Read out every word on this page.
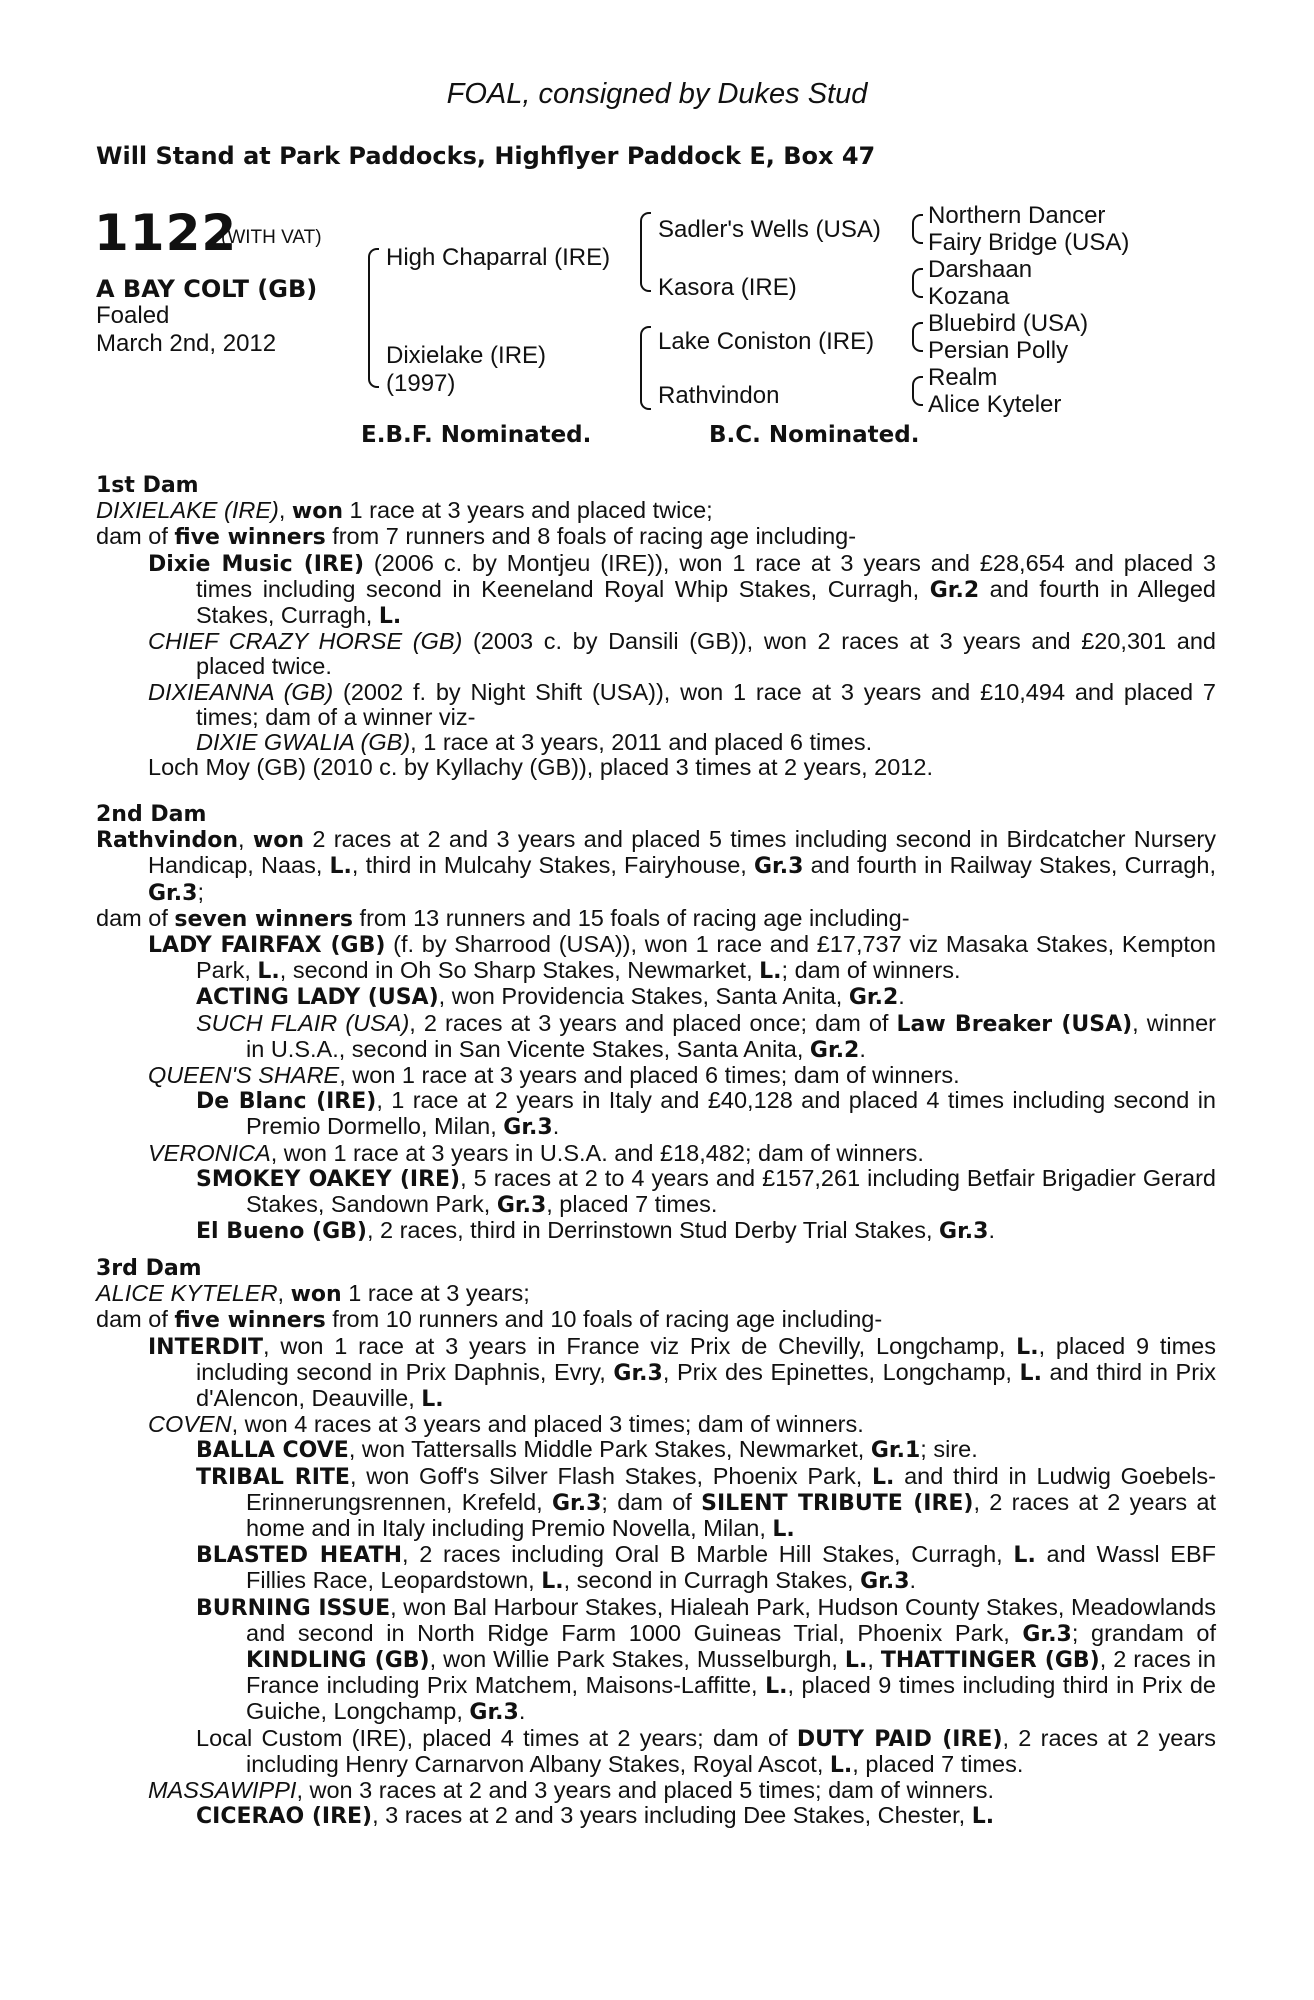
FOAL, consigned by Dukes Stud
Will Stand at Park Paddocks, Highflyer Paddock E, Box 47
1122
(WITH VAT)
A BAY COLT (GB)
Foaled
March 2nd, 2012
High Chaparral (IRE)
Dixielake (IRE)
(1997)
Sadler's Wells (USA)
Kasora (IRE)
Lake Coniston (IRE)
Rathvindon
Northern Dancer
Fairy Bridge (USA)
Darshaan
Kozana
Bluebird (USA)
Persian Polly
Realm
Alice Kyteler
E.B.F. Nominated.	B.C. Nominated.

1st Dam

DIXIELAKE (IRE), won 1 race at 3 years and placed twice;

dam of five winners from 7 runners and 8 foals of racing age including-

Dixie Music (IRE) (2006 c. by Montjeu (IRE)), won 1 race at 3 years and £28,654 and placed 3 times including second in Keeneland Royal Whip Stakes, Curragh, Gr.2 and fourth in Alleged Stakes, Curragh, L.

CHIEF CRAZY HORSE (GB) (2003 c. by Dansili (GB)), won 2 races at 3 years and £20,301 and placed twice.

DIXIEANNA (GB) (2002 f. by Night Shift (USA)), won 1 race at 3 years and £10,494 and placed 7 times; dam of a winner viz-

DIXIE GWALIA (GB), 1 race at 3 years, 2011 and placed 6 times.

Loch Moy (GB) (2010 c. by Kyllachy (GB)), placed 3 times at 2 years, 2012.

2nd Dam

Rathvindon, won 2 races at 2 and 3 years and placed 5 times including second in Birdcatcher Nursery Handicap, Naas, L., third in Mulcahy Stakes, Fairyhouse, Gr.3 and fourth in Railway Stakes, Curragh, Gr.3;

dam of seven winners from 13 runners and 15 foals of racing age including-

LADY FAIRFAX (GB) (f. by Sharrood (USA)), won 1 race and £17,737 viz Masaka Stakes, Kempton Park, L., second in Oh So Sharp Stakes, Newmarket, L.; dam of winners.

ACTING LADY (USA), won Providencia Stakes, Santa Anita, Gr.2.

SUCH FLAIR (USA), 2 races at 3 years and placed once; dam of Law Breaker (USA), winner in U.S.A., second in San Vicente Stakes, Santa Anita, Gr.2.

QUEEN'S SHARE, won 1 race at 3 years and placed 6 times; dam of winners.

De Blanc (IRE), 1 race at 2 years in Italy and £40,128 and placed 4 times including second in Premio Dormello, Milan, Gr.3.

VERONICA, won 1 race at 3 years in U.S.A. and £18,482; dam of winners.

SMOKEY OAKEY (IRE), 5 races at 2 to 4 years and £157,261 including Betfair Brigadier Gerard Stakes, Sandown Park, Gr.3, placed 7 times.

El Bueno (GB), 2 races, third in Derrinstown Stud Derby Trial Stakes, Gr.3.

3rd Dam

ALICE KYTELER, won 1 race at 3 years;

dam of five winners from 10 runners and 10 foals of racing age including-

INTERDIT, won 1 race at 3 years in France viz Prix de Chevilly, Longchamp, L., placed 9 times including second in Prix Daphnis, Evry, Gr.3, Prix des Epinettes, Longchamp, L. and third in Prix d'Alencon, Deauville, L.

COVEN, won 4 races at 3 years and placed 3 times; dam of winners.

BALLA COVE, won Tattersalls Middle Park Stakes, Newmarket, Gr.1; sire.

TRIBAL RITE, won Goff's Silver Flash Stakes, Phoenix Park, L. and third in Ludwig Goebels-Erinnerungsrennen, Krefeld, Gr.3; dam of SILENT TRIBUTE (IRE), 2 races at 2 years at home and in Italy including Premio Novella, Milan, L.

BLASTED HEATH, 2 races including Oral B Marble Hill Stakes, Curragh, L. and Wassl EBF Fillies Race, Leopardstown, L., second in Curragh Stakes, Gr.3.

BURNING ISSUE, won Bal Harbour Stakes, Hialeah Park, Hudson County Stakes, Meadowlands and second in North Ridge Farm 1000 Guineas Trial, Phoenix Park, Gr.3; grandam of KINDLING (GB), won Willie Park Stakes, Musselburgh, L., THATTINGER (GB), 2 races in France including Prix Matchem, Maisons-Laffitte, L., placed 9 times including third in Prix de Guiche, Longchamp, Gr.3.

Local Custom (IRE), placed 4 times at 2 years; dam of DUTY PAID (IRE), 2 races at 2 years including Henry Carnarvon Albany Stakes, Royal Ascot, L., placed 7 times.

MASSAWIPPI, won 3 races at 2 and 3 years and placed 5 times; dam of winners.

CICERAO (IRE), 3 races at 2 and 3 years including Dee Stakes, Chester, L.
